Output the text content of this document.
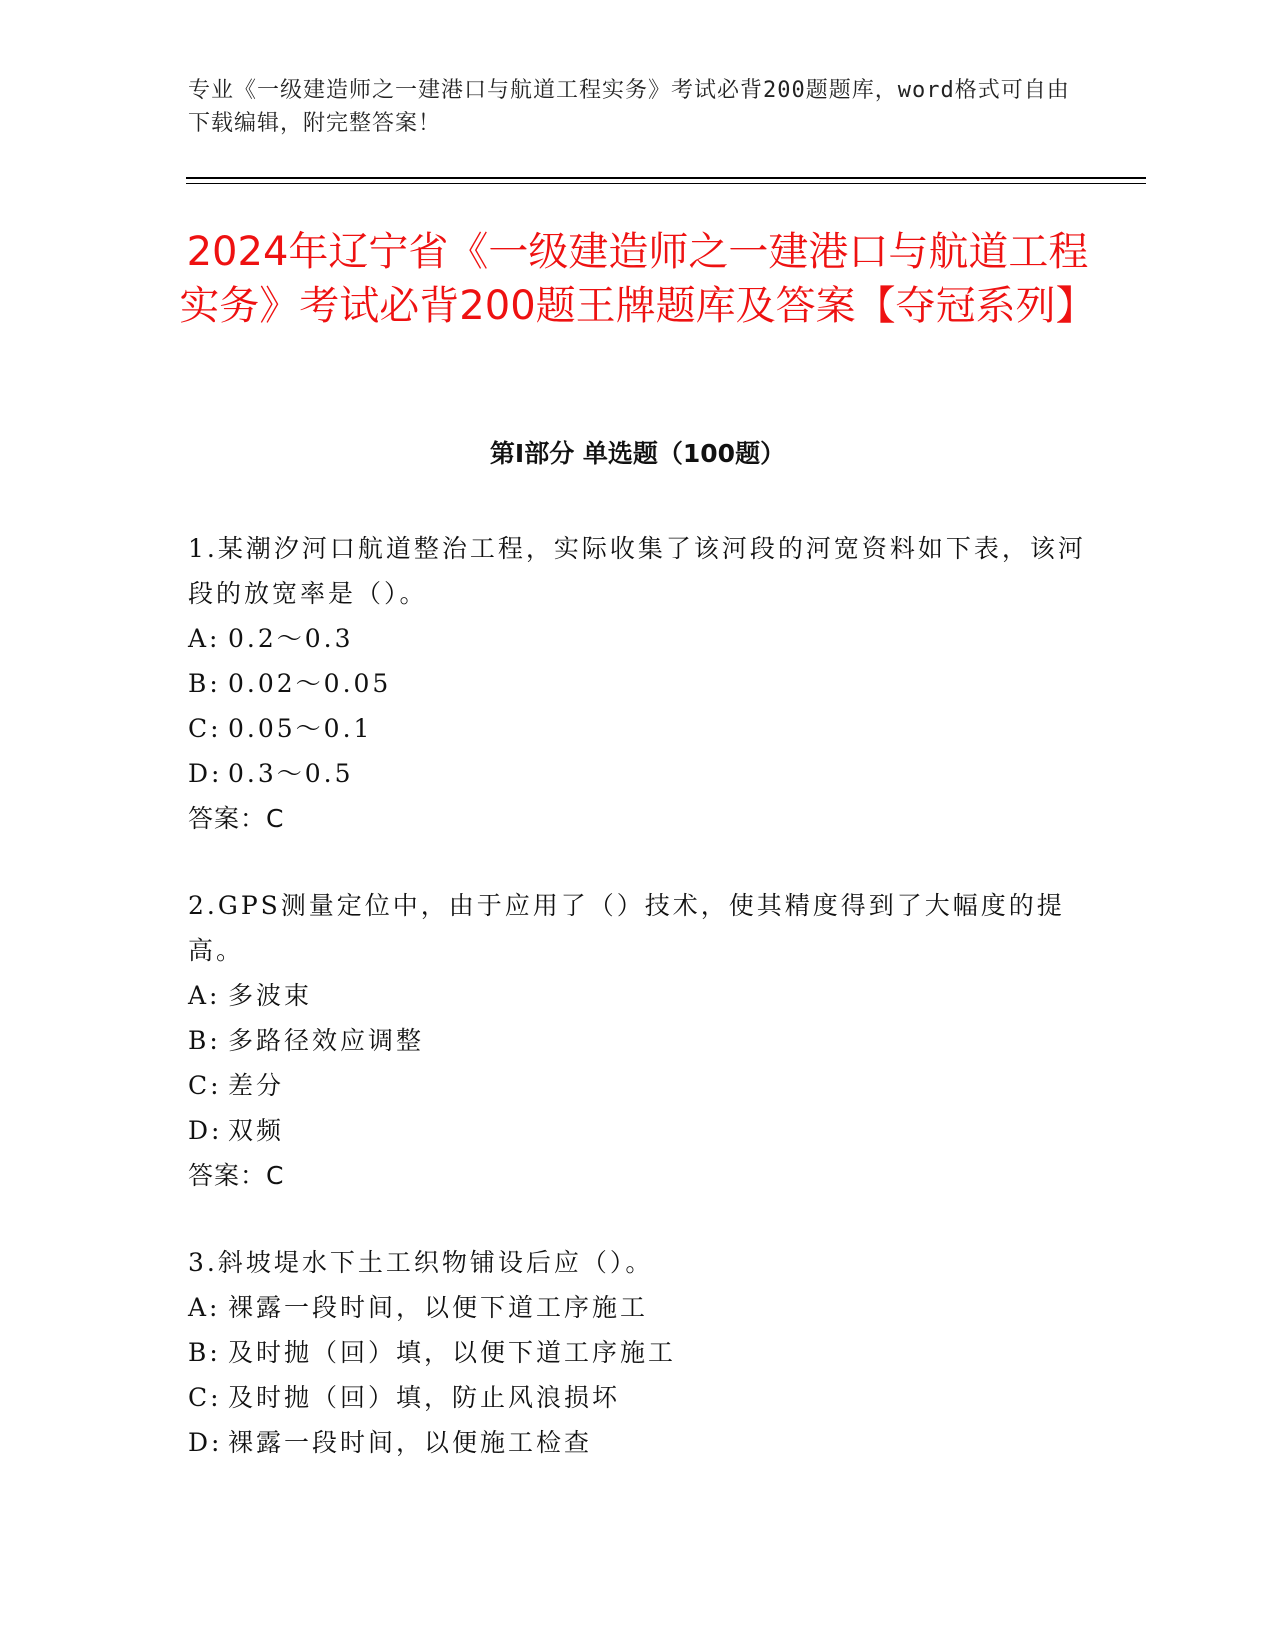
专业《一级建造师之一建港口与航道工程实务》考试必背200题题库，word格式可自由下载编辑，附完整答案！
2024年辽宁省《一级建造师之一建港口与航道工程实务》考试必背200题王牌题库及答案【夺冠系列】
第I部分 单选题（100题）

1.某潮汐河口航道整治工程，实际收集了该河段的河宽资料如下表，该河段的放宽率是（）。

A: 0.2～0.3

B: 0.02～0.05

C: 0.05～0.1

D: 0.3～0.5

答案：C

2.GPS测量定位中，由于应用了（）技术，使其精度得到了大幅度的提高。

A: 多波束

B: 多路径效应调整

C: 差分

D: 双频

答案：C

3.斜坡堤水下土工织物铺设后应（）。

A: 裸露一段时间，以便下道工序施工

B: 及时抛（回）填，以便下道工序施工

C: 及时抛（回）填，防止风浪损坏

D: 裸露一段时间，以便施工检查
